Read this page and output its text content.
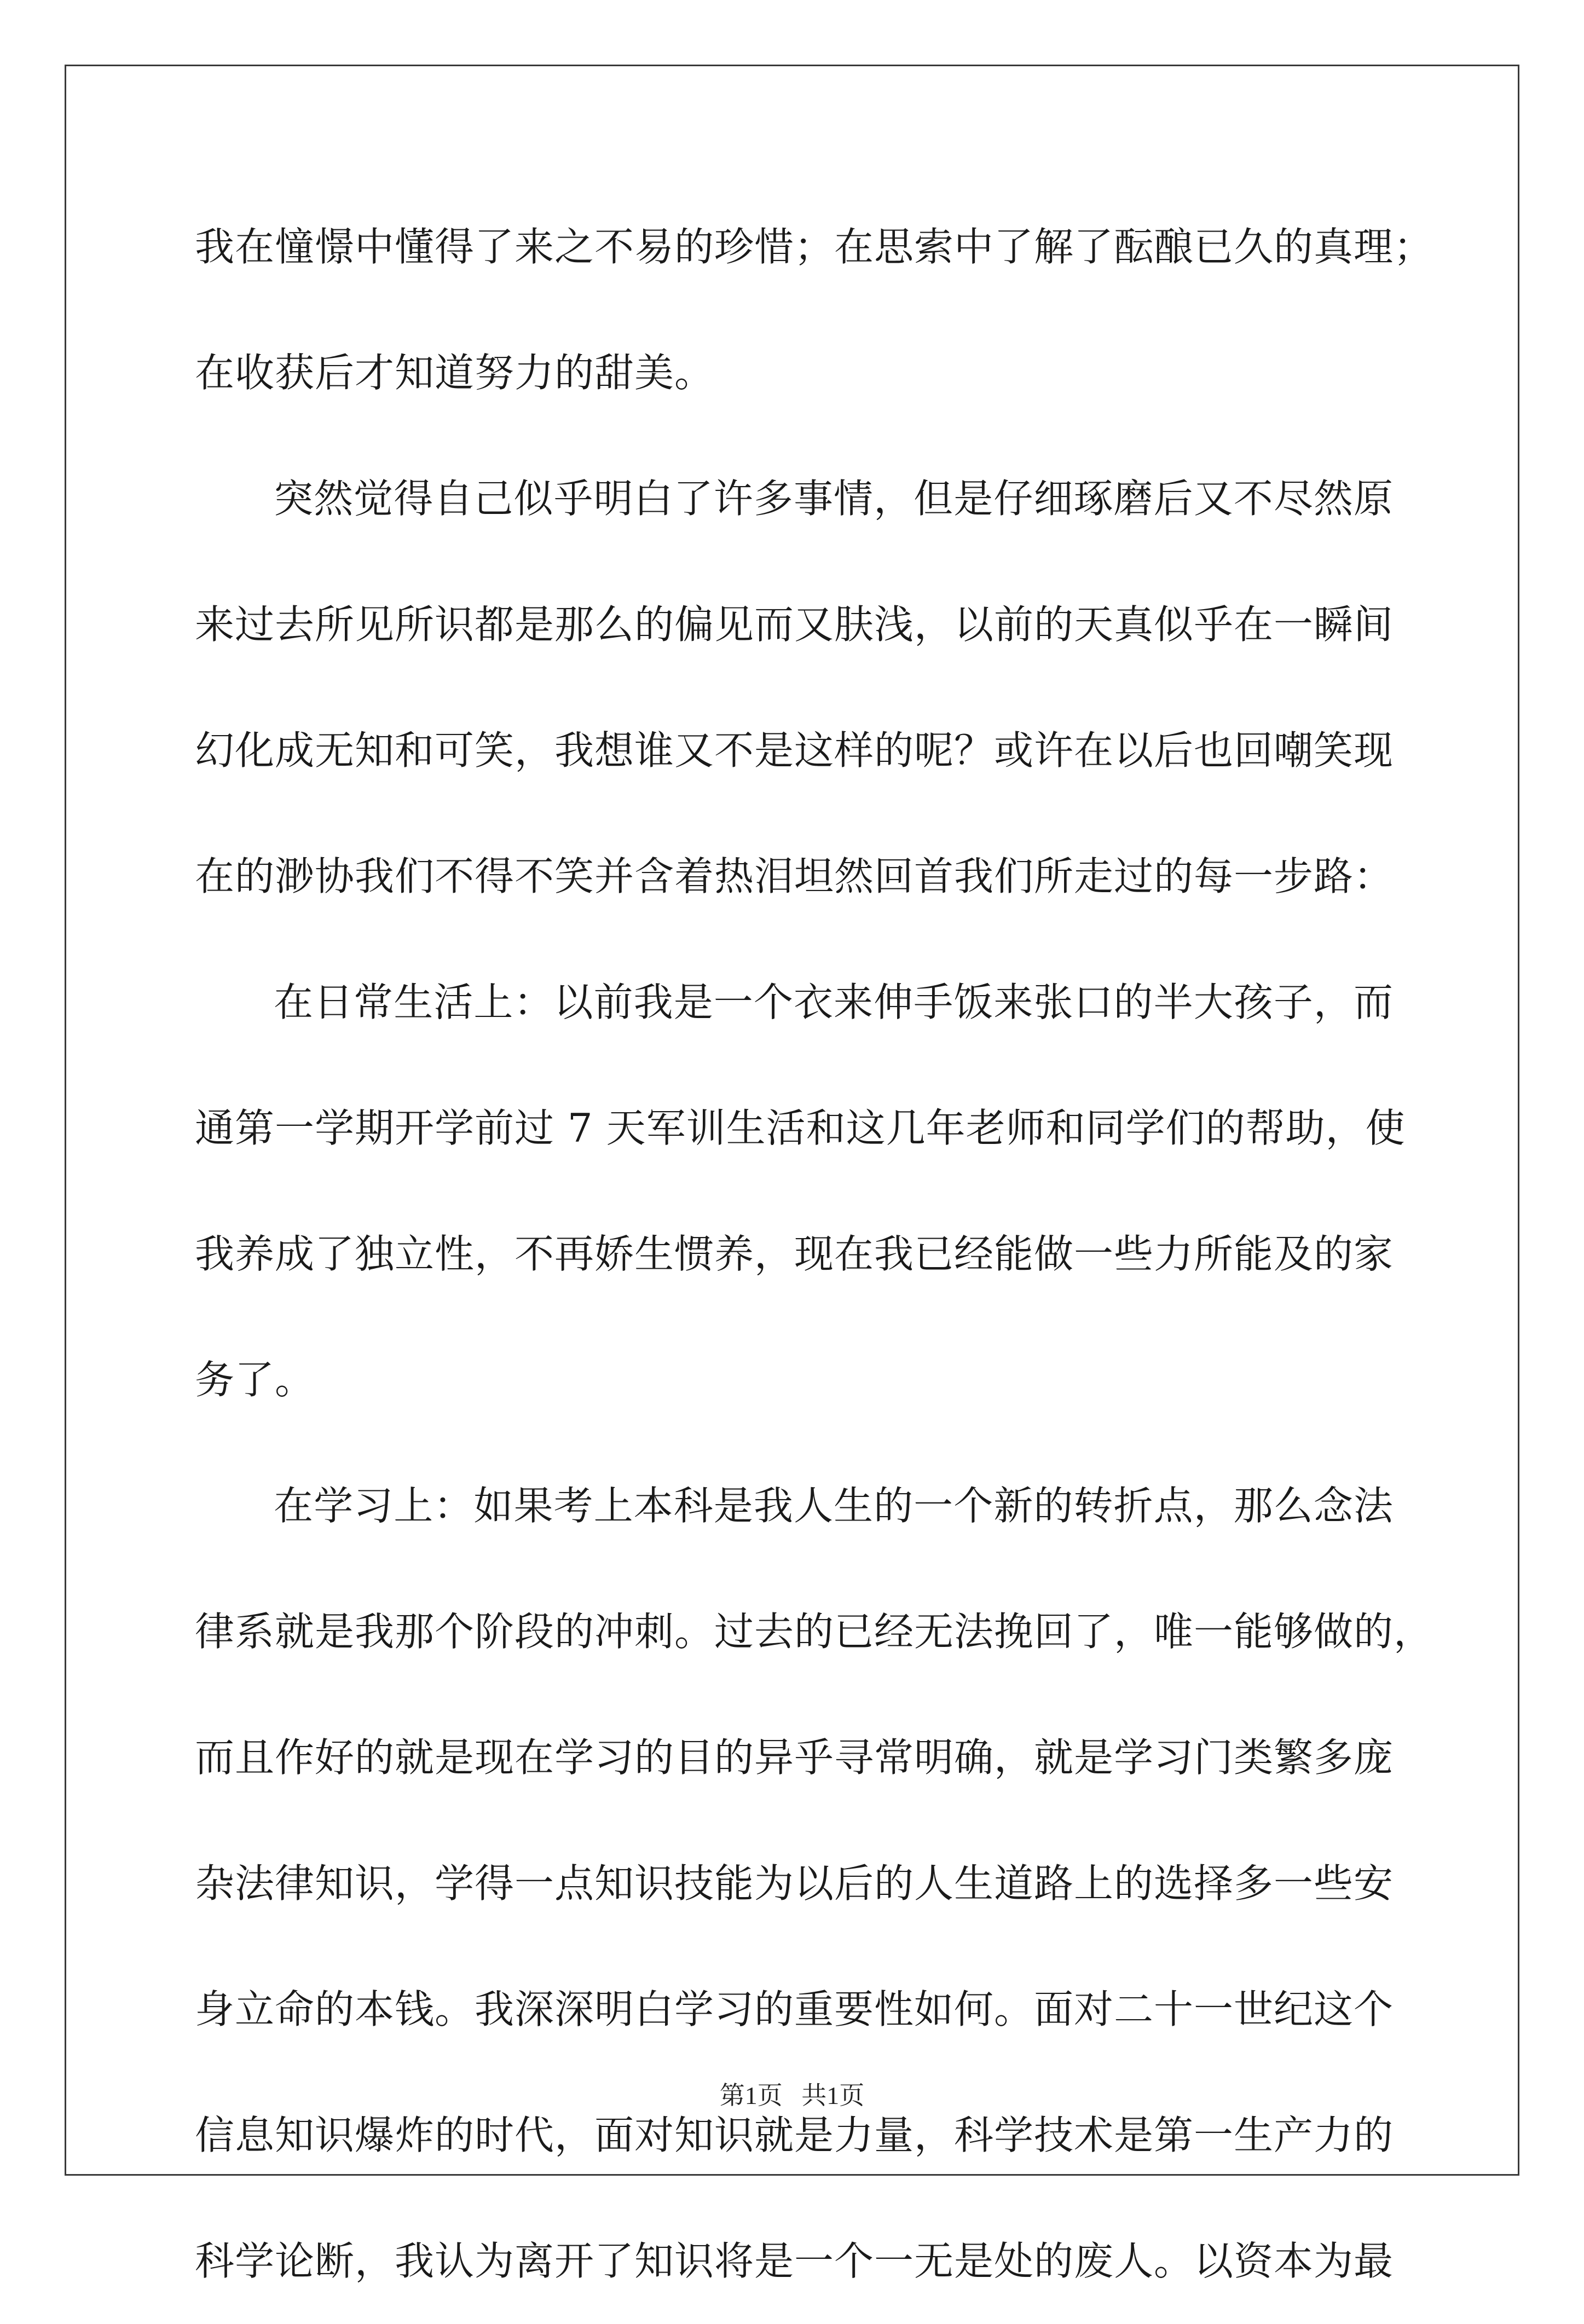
我在憧憬中懂得了来之不易的珍惜；在思索中了解了酝酿已久的真理；
在收获后才知道努力的甜美。
突然觉得自己似乎明白了许多事情，但是仔细琢磨后又不尽然原
来过去所见所识都是那么的偏见而又肤浅，以前的天真似乎在一瞬间
幻化成无知和可笑，我想谁又不是这样的呢？或许在以后也回嘲笑现
在的渺协我们不得不笑并含着热泪坦然回首我们所走过的每一步路：
在日常生活上：以前我是一个衣来伸手饭来张口的半大孩子，而
通第一学期开学前过 7 天军训生活和这几年老师和同学们的帮助，使
我养成了独立性，不再娇生惯养，现在我已经能做一些力所能及的家
务了。
在学习上：如果考上本科是我人生的一个新的转折点，那么念法
律系就是我那个阶段的冲刺。过去的已经无法挽回了，唯一能够做的，
而且作好的就是现在学习的目的异乎寻常明确，就是学习门类繁多庞
杂法律知识，学得一点知识技能为以后的人生道路上的选择多一些安
身立命的本钱。我深深明白学习的重要性如何。面对二十一世纪这个
信息知识爆炸的时代，面对知识就是力量，科学技术是第一生产力的
科学论断，我认为离开了知识将是一个一无是处的废人。以资本为最
第1页   共1页
